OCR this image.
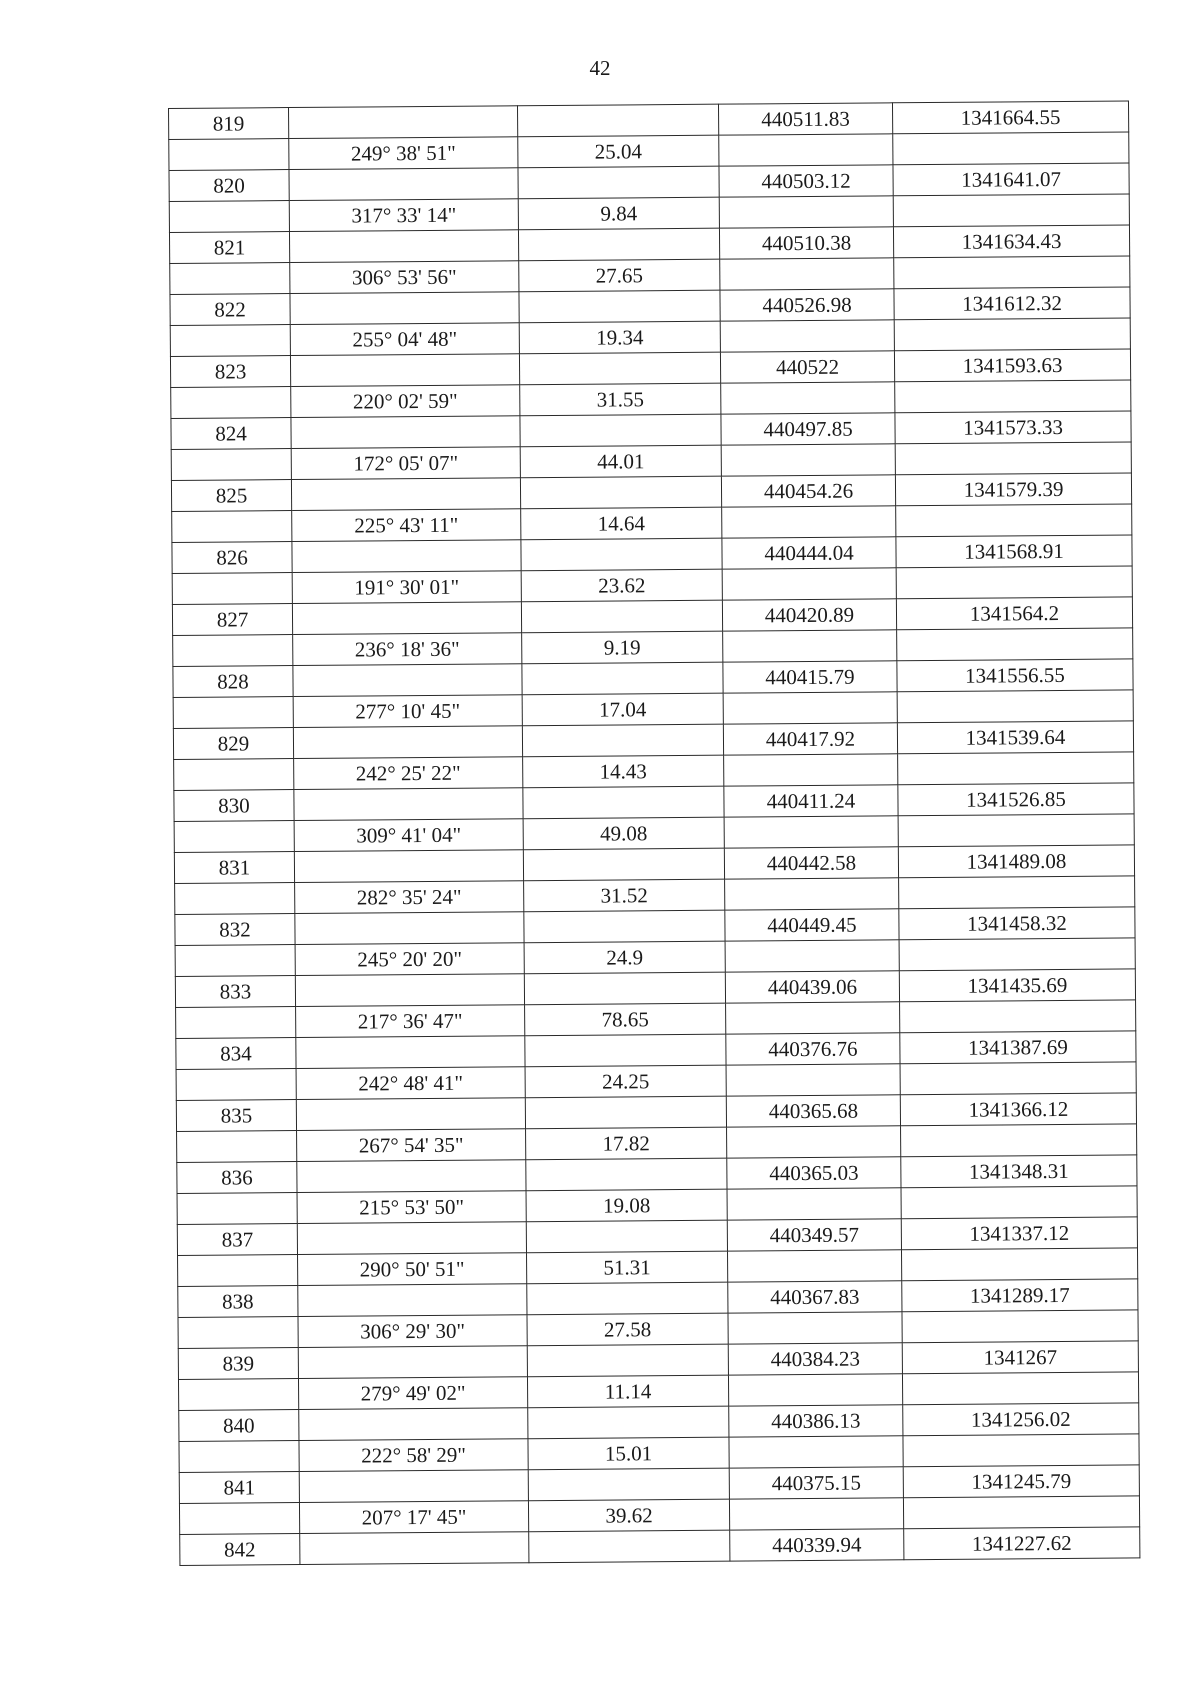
42
819			440511.83	1341664.55
	249° 38' 51"	25.04		
820			440503.12	1341641.07
	317° 33' 14"	9.84		
821			440510.38	1341634.43
	306° 53' 56"	27.65		
822			440526.98	1341612.32
	255° 04' 48"	19.34		
823			440522	1341593.63
	220° 02' 59"	31.55		
824			440497.85	1341573.33
	172° 05' 07"	44.01		
825			440454.26	1341579.39
	225° 43' 11"	14.64		
826			440444.04	1341568.91
	191° 30' 01"	23.62		
827			440420.89	1341564.2
	236° 18' 36"	9.19		
828			440415.79	1341556.55
	277° 10' 45"	17.04		
829			440417.92	1341539.64
	242° 25' 22"	14.43		
830			440411.24	1341526.85
	309° 41' 04"	49.08		
831			440442.58	1341489.08
	282° 35' 24"	31.52		
832			440449.45	1341458.32
	245° 20' 20"	24.9		
833			440439.06	1341435.69
	217° 36' 47"	78.65		
834			440376.76	1341387.69
	242° 48' 41"	24.25		
835			440365.68	1341366.12
	267° 54' 35"	17.82		
836			440365.03	1341348.31
	215° 53' 50"	19.08		
837			440349.57	1341337.12
	290° 50' 51"	51.31		
838			440367.83	1341289.17
	306° 29' 30"	27.58		
839			440384.23	1341267
	279° 49' 02"	11.14		
840			440386.13	1341256.02
	222° 58' 29"	15.01		
841			440375.15	1341245.79
	207° 17' 45"	39.62		
842			440339.94	1341227.62
